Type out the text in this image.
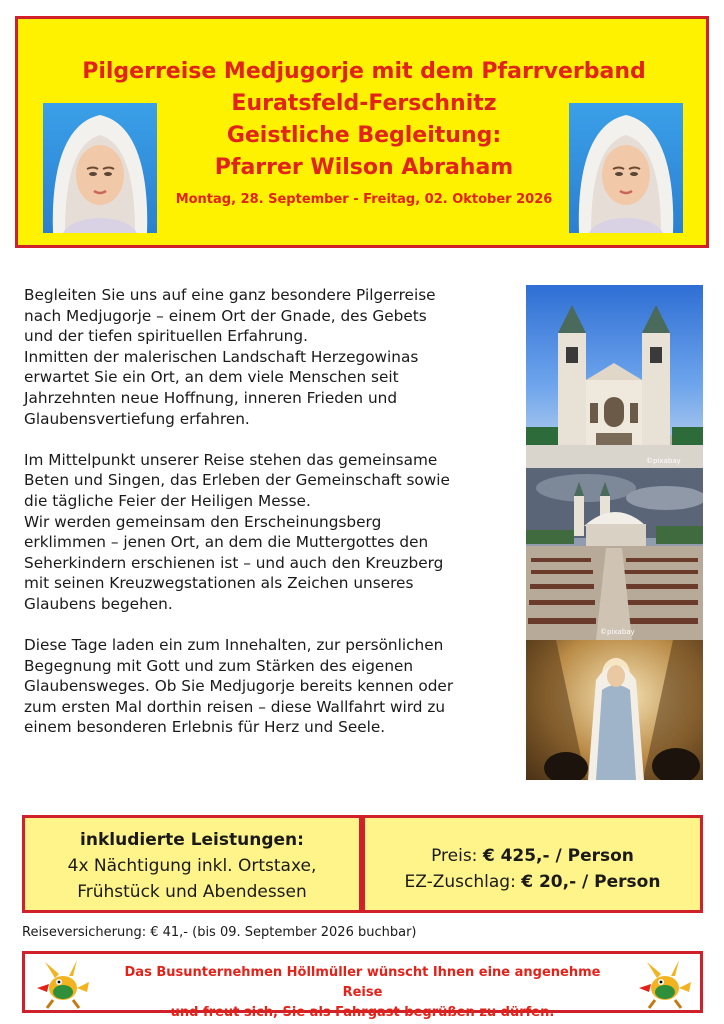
Pilgerreise Medjugorje mit dem Pfarrverband
Euratsfeld-Ferschnitz
Geistliche Begleitung:
Pfarrer Wilson Abraham
Montag, 28. September - Freitag, 02. Oktober 2026

Begleiten Sie uns auf eine ganz besondere Pilgerreise
nach Medjugorje – einem Ort der Gnade, des Gebets
und der tiefen spirituellen Erfahrung.
Inmitten der malerischen Landschaft Herzegowinas
erwartet Sie ein Ort, an dem viele Menschen seit
Jahrzehnten neue Hoffnung, inneren Frieden und
Glaubensvertiefung erfahren.

Im Mittelpunkt unserer Reise stehen das gemeinsame
Beten und Singen, das Erleben der Gemeinschaft sowie
die tägliche Feier der Heiligen Messe.
Wir werden gemeinsam den Erscheinungsberg
erklimmen – jenen Ort, an dem die Muttergottes den
Seherkindern erschienen ist – und auch den Kreuzberg
mit seinen Kreuzwegstationen als Zeichen unseres
Glaubens begehen.

Diese Tage laden ein zum Innehalten, zur persönlichen
Begegnung mit Gott und zum Stärken des eigenen
Glaubensweges. Ob Sie Medjugorje bereits kennen oder
zum ersten Mal dorthin reisen – diese Wallfahrt wird zu
einem besonderen Erlebnis für Herz und Seele.

©pixabay
©pixabay
inkludierte Leistungen:
4x Nächtigung inkl. Ortstaxe,
Frühstück und Abendessen
Preis: € 425,- / Person
EZ-Zuschlag: € 20,- / Person
Reiseversicherung: € 41,- (bis 09. September 2026 buchbar)
Das Busunternehmen Höllmüller wünscht Ihnen eine angenehme Reise
und freut sich, Sie als Fahrgast begrüßen zu dürfen.
